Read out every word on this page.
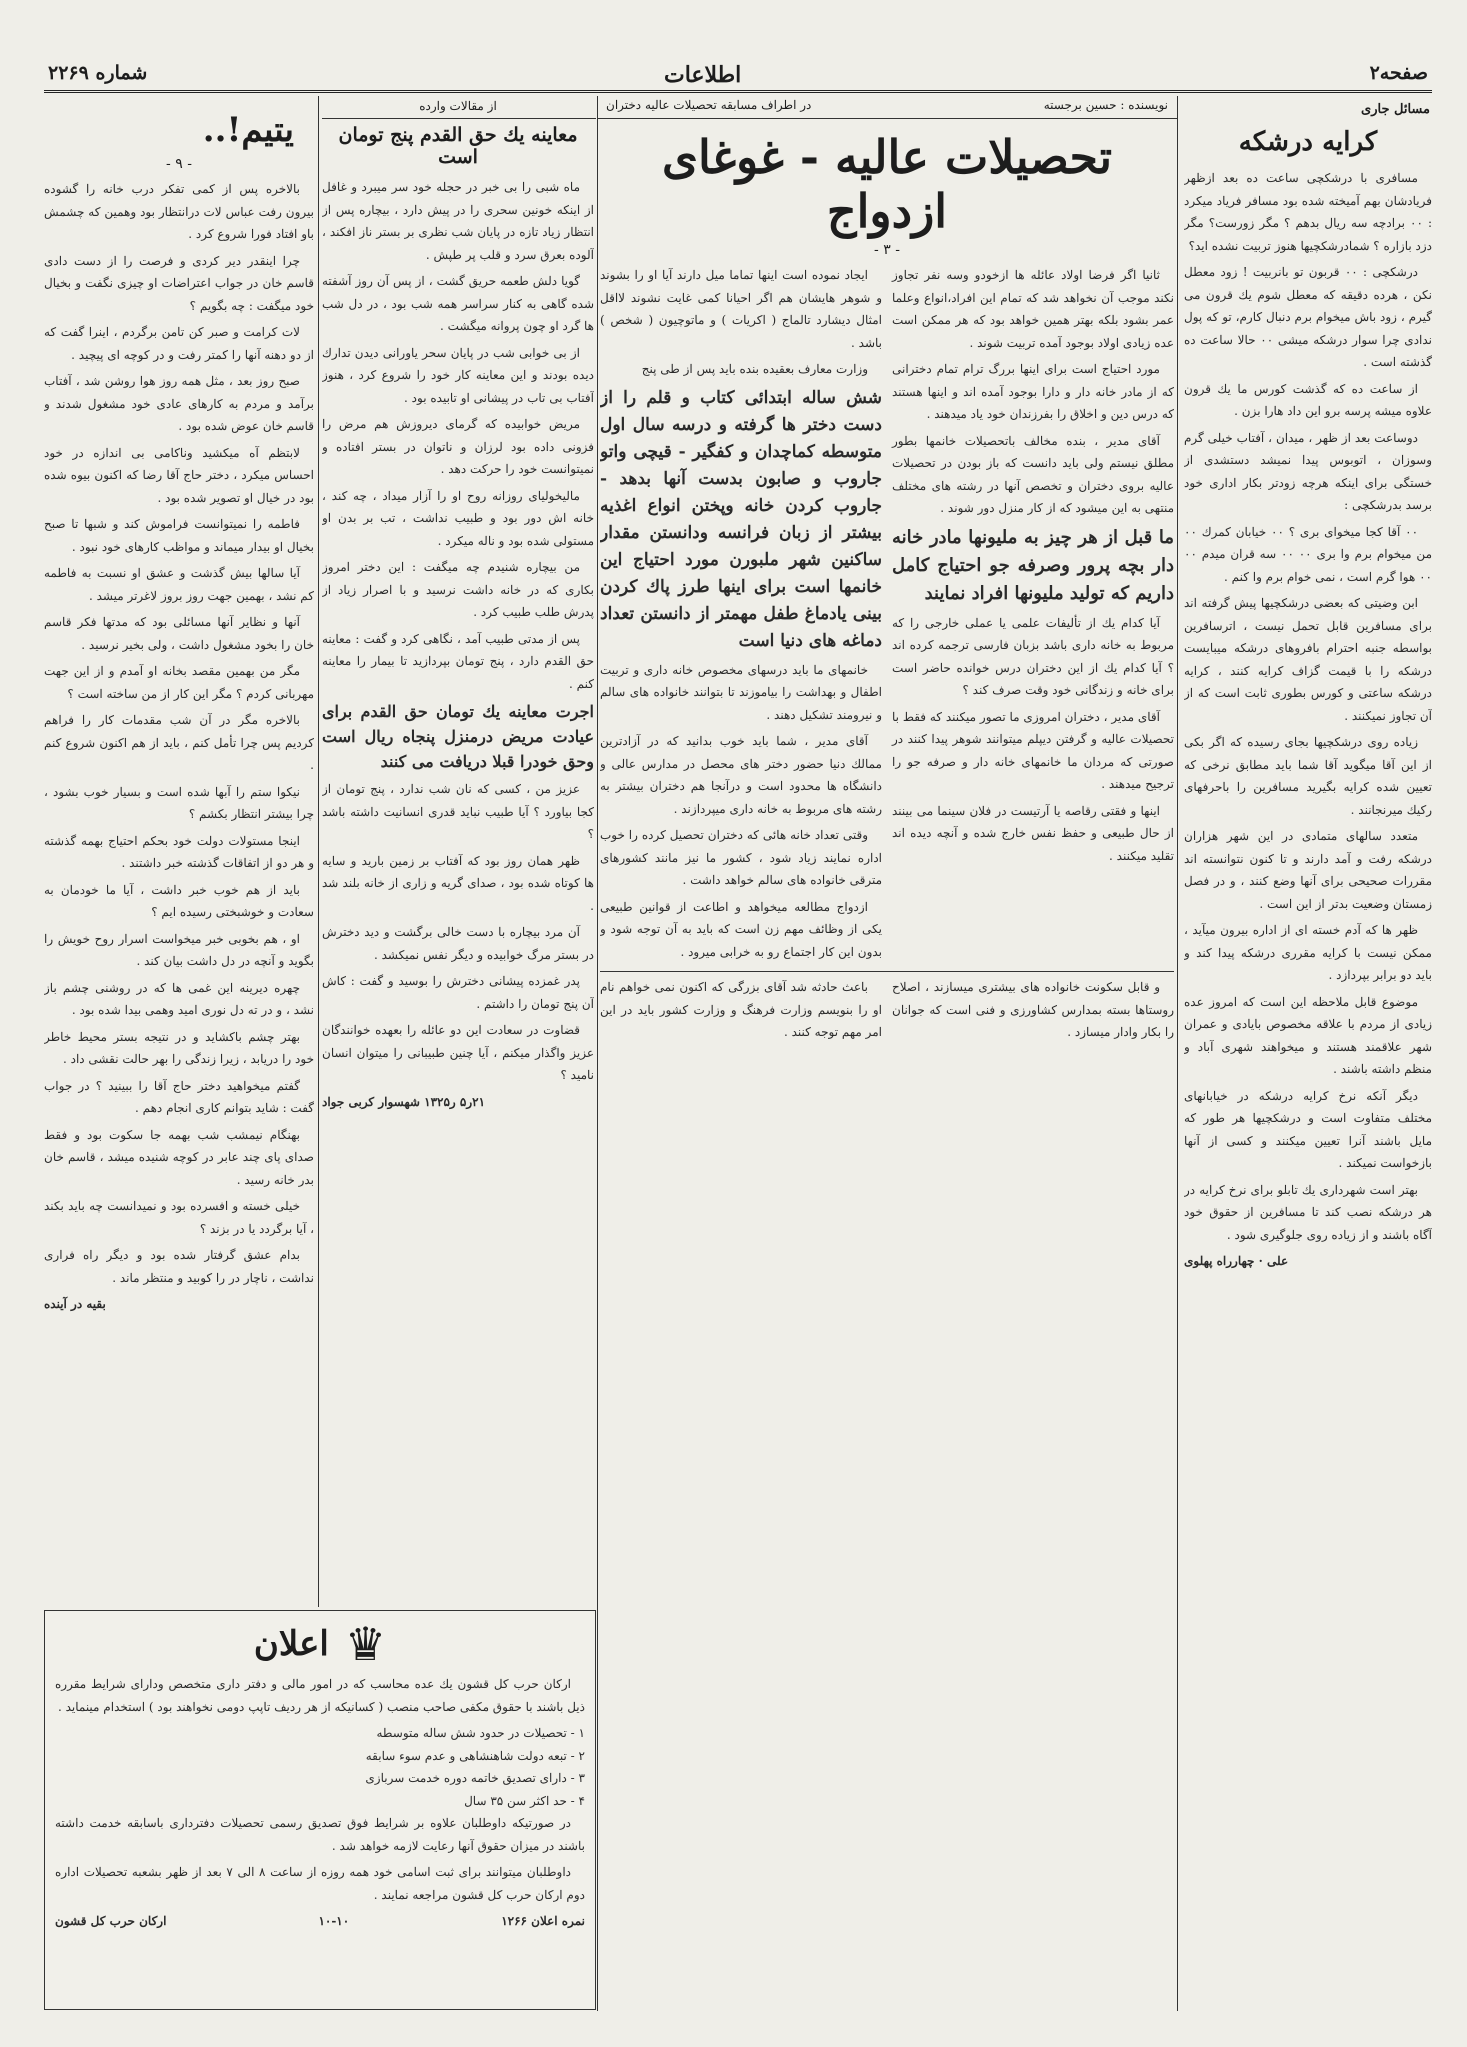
شماره ۲۲۶۹	اطلاعات	صفحه۲
مسائل جاری
کرایه درشکه

مسافری با درشکچی ساعت ده بعد ازظهر فریادشان بهم آمیخته شده بود مسافر فریاد میکرد : ۰۰ برادچه سه ریال بدهم ؟ مگر زورست؟ مگر دزد بازاره ؟ شمادرشکچیها هنوز تربیت نشده اید؟

درشکچی : ۰۰ قربون تو بانربیت ! زود معطل نکن ، هرده دقیقه که معطل شوم یك قرون می گیرم ، زود باش میخوام برم دنبال کارم، تو که پول ندادی چرا سوار درشکه میشی ۰۰ حالا ساعت ده گذشته است .

از ساعت ده که گذشت کورس ما یك قرون علاوه میشه پرسه برو این داد هارا بزن .

دوساعت بعد از ظهر ، میدان ، آفتاب خیلی گرم وسوزان ، اتوبوس پیدا نمیشد دستشدی از خستگی برای اینکه هرچه زودتر بکار اداری خود برسد بدرشکچی :

۰۰ آقا کجا میخوای بری ؟ ۰۰ خیابان کمرك ۰۰ من میخوام برم وا بری ۰۰ ۰۰ سه قران میدم ۰۰ ۰۰ هوا گرم است ، نمی خوام برم وا کنم .

ابن وضیتی که بعضی درشکچیها پیش گرفته اند برای مسافرین قابل تحمل نیست ، اترسافرین بواسطه جنبه احترام بافروهای درشکه میبایست درشکه را با قیمت گزاف کرایه کنند ، کرایه درشکه ساعتی و کورس بطوری ثابت است که از آن تجاوز نمیکنند .

زیاده روی درشکچیها بجای رسیده که اگر بکی از این آقا میگوید آقا شما باید مطابق نرخی که تعیین شده کرایه بگیرید مسافرین را باحرفهای رکیك میرنجانند .

متعدد سالهای متمادی در این شهر هزاران درشکه رفت و آمد دارند و تا کنون نتوانسته اند مقررات صحیحی برای آنها وضع کنند ، و در فصل زمستان وضعیت بدتر از این است .

ظهر ها که آدم خسته ای از اداره بیرون میآید ، ممکن نیست با کرایه مقرری درشکه پیدا کند و باید دو برابر بپردازد .

موضوع قابل ملاحظه این است که امروز عده زیادی از مردم با علاقه مخصوص بایادی و عمران شهر علاقمند هستند و میخواهند شهری آباد و منظم داشته باشند .

دیگر آنکه نرخ کرایه درشکه در خیابانهای مختلف متفاوت است و درشکچیها هر طور که مایل باشند آنرا تعیین میکنند و کسی از آنها بازخواست نمیکند .

بهتر است شهرداری یك تابلو برای نرخ کرایه در هر درشکه نصب کند تا مسافرین از حقوق خود آگاه باشند و از زیاده روی جلوگیری شود .

علی · چهارراه پهلوی

نویسنده : حسین برجسته
در اطراف مسابقه تحصیلات عالیه دختران
تحصیلات عالیه - غوغای ازدواج
- ۳ -

ثانیا اگر فرضا اولاد عائله ها ازخودو وسه نفر تجاوز نکند موجب آن نخواهد شد که تمام این افراد،انواع وعلما عمر بشود بلکه بهتر همین خواهد بود که هر ممکن است عده زیادی اولاد بوجود آمده تربیت شوند .

مورد احتیاج است برای اینها بررگ ترام تمام دخترانی که از مادر خانه دار و دارا بوجود آمده اند و اینها هستند که درس دین و اخلاق را بفرزندان خود یاد میدهند .

آقای مدیر ، بنده مخالف باتحصیلات خانمها بطور مطلق نیستم ولی باید دانست که باز بودن در تحصیلات عالیه بروی دختران و تخصص آنها در رشته های مختلف منتهی به این میشود که از کار منزل دور شوند .

ما قبل از هر چیز به ملیونها مادر خانه دار بچه پرور وصرفه جو احتیاج کامل داریم که تولید ملیونها افراد نمایند

آیا کدام یك از تألیفات علمی یا عملی خارجی را که مربوط به خانه داری باشد بزبان فارسی ترجمه کرده اند ؟ آیا کدام یك از این دختران درس خوانده حاضر است برای خانه و زندگانی خود وقت صرف کند ؟

آقای مدیر ، دختران امروزی ما تصور میکنند که فقط با تحصیلات عالیه و گرفتن دیپلم میتوانند شوهر پیدا کنند در صورتی که مردان ما خانمهای خانه دار و صرفه جو را ترجیح میدهند .

اینها و فقتی رقاصه یا آرتیست در فلان سینما می بینند از حال طبیعی و حفظ نفس خارج شده و آنچه دیده اند تقلید میکنند .

ایجاد نموده است اینها تماما میل دارند آیا او را بشوند و شوهر هایشان هم اگر احیانا کمی غایت نشوند لااقل امثال دیشارد تالماج ( اکریات ) و ماتوچیون ( شخص ) باشد .

وزارت معارف بعقیده بنده باید پس از طی پنج

شش ساله ابتدائی کتاب و قلم را از دست دختر ها گرفته و درسه سال اول متوسطه کماچدان و کفگیر - قیچی واتو جاروب و صابون بدست آنها بدهد - جاروب کردن خانه وپختن انواع اغذیه بیشتر از زبان فرانسه ودانستن مقدار ساکنین شهر ملبورن مورد احتیاج این خانمها است برای اینها طرز پاك کردن بینی یادماغ طفل مهمتر از دانستن تعداد دماغه های دنیا است

خانمهای ما باید درسهای مخصوص خانه داری و تربیت اطفال و بهداشت را بیاموزند تا بتوانند خانواده های سالم و نیرومند تشکیل دهند .

آقای مدیر ، شما باید خوب بدانید که در آزادترین ممالك دنیا حضور دختر های محصل در مدارس عالی و دانشگاه ها محدود است و درآنجا هم دختران بیشتر به رشته های مربوط به خانه داری میپردازند .

وقتی تعداد خانه هائی که دختران تحصیل کرده را خوب اداره نمایند زیاد شود ، کشور ما نیز مانند کشورهای مترقی خانواده های سالم خواهد داشت .

ازدواج مطالعه میخواهد و اطاعت از قوانین طبیعی یکی از وظائف مهم زن است که باید به آن توجه شود و بدون این کار اجتماع رو به خرابی میرود .

و قابل سکونت خانواده های بیشتری میسازند ، اصلاح روستاها بسته بمدارس کشاورزی و فنی است که جوانان را بکار وادار میسازد .

باعث حادثه شد آقای بزرگی که اکنون نمی خواهم نام او را بنویسم وزارت فرهنگ و وزارت کشور باید در این امر مهم توجه کنند .

از مقالات وارده
معاینه یك حق القدم پنج تومان است

ماه شبی را بی خبر در حجله خود سر میبرد و غافل از اینکه خونین سحری را در پیش دارد ، بیچاره پس از انتظار زیاد تازه در پایان شب نظری بر بستر ناز افکند ، آلوده بعرق سرد و قلب پر طپش .

گویا دلش طعمه حریق گشت ، از پس آن روز آشفته شده گاهی به کنار سراسر همه شب بود ، در دل شب ها گرد او چون پروانه میگشت .

از بی خوابی شب در پایان سحر یاورانی دیدن تدارك دیده بودند و این معاینه کار خود را شروع کرد ، هنوز آفتاب بی تاب در پیشانی او تابیده بود .

مریض خوابیده که گرمای دیروزش هم مرض را فزونی داده بود لرزان و ناتوان در بستر افتاده و نمیتوانست خود را حرکت دهد .

مالیخولیای روزانه روح او را آزار میداد ، چه کند ، خانه اش دور بود و طبیب نداشت ، تب بر بدن او مستولی شده بود و ناله میکرد .

من بیچاره شنیدم چه میگفت : این دختر امروز بکاری که در خانه داشت نرسید و با اصرار زیاد از پدرش طلب طبیب کرد .

پس از مدتی طبیب آمد ، نگاهی کرد و گفت : معاینه حق القدم دارد ، پنج تومان بپردازید تا بیمار را معاینه کنم .

اجرت معاینه یك تومان حق القدم برای عیادت مریض درمنزل پنجاه ریال است وحق خودرا قبلا دریافت می کنند

عزیز من ، کسی که نان شب ندارد ، پنج تومان از کجا بیاورد ؟ آیا طبیب نباید قدری انسانیت داشته باشد ؟

ظهر همان روز بود که آفتاب بر زمین بارید و سایه ها کوتاه شده بود ، صدای گریه و زاری از خانه بلند شد .

آن مرد بیچاره با دست خالی برگشت و دید دخترش در بستر مرگ خوابیده و دیگر نفس نمیکشد .

پدر غمزده پیشانی دخترش را بوسید و گفت : کاش آن پنج تومان را داشتم .

قضاوت در سعادت این دو عائله را بعهده خوانندگان عزیز واگذار میکنم ، آیا چنین طبیبانی را میتوان انسان نامید ؟

۲۱ر۵ ر۱۳۲۵ شهسوار کربی جواد

یتیم!..
- ۹ -

بالاخره پس از کمی تفکر درب خانه را گشوده بیرون رفت عباس لات درانتظار بود وهمین که چشمش باو افتاد فورا شروع کرد .

چرا اینقدر دیر کردی و فرصت را از دست دادی قاسم خان در جواب اعتراضات او چیزی نگفت و بخیال خود میگفت : چه بگویم ؟

لات کرامت و صبر کن تامن برگردم ، اینرا گفت که از دو دهنه آنها را کمتر رفت و در کوچه ای پیچید .

صبح روز بعد ، مثل همه روز هوا روشن شد ، آفتاب برآمد و مردم به کارهای عادی خود مشغول شدند و قاسم خان عوض شده بود .

لابتظم آه میکشید وناکامی بی اندازه در خود احساس میکرد ، دختر حاج آقا رضا که اکنون بیوه شده بود در خیال او تصویر شده بود .

فاطمه را نمیتوانست فراموش کند و شبها تا صبح بخیال او بیدار میماند و مواظب کارهای خود نبود .

آیا سالها بیش گذشت و عشق او نسبت به فاطمه کم نشد ، بهمین جهت روز بروز لاغرتر میشد .

آنها و نظایر آنها مسائلی بود که مدتها فکر قاسم خان را بخود مشغول داشت ، ولی بخیر نرسید .

مگر من بهمین مقصد بخانه او آمدم و از این جهت مهربانی کردم ؟ مگر این کار از من ساخته است ؟

بالاخره مگر در آن شب مقدمات کار را فراهم کردیم پس چرا تأمل کنم ، باید از هم اکنون شروع کنم .

نیکوا ستم را آبها شده است و بسیار خوب بشود ، چرا بیشتر انتظار بکشم ؟

اینجا مستولات دولت خود بحکم احتیاج بهمه گذشته و هر دو از اتفاقات گذشته خبر داشتند .

باید از هم خوب خبر داشت ، آیا ما خودمان به سعادت و خوشبختی رسیده ایم ؟

او ، هم بخوبی خبر میخواست اسرار روح خویش را بگوید و آنچه در دل داشت بیان کند .

چهره دیرینه این غمی ها که در روشنی چشم باز نشد ، و در ته دل نوری امید وهمی بیدا شده بود .

بهتر چشم باکشاید و در نتیجه بستر محیط خاطر خود را دریابد ، زیرا زندگی را بهر حالت نقشی داد .

گفتم میخواهید دختر حاج آقا را ببینید ؟ در جواب گفت : شاید بتوانم کاری انجام دهم .

بهنگام نیمشب شب بهمه جا سکوت بود و فقط صدای پای چند عابر در کوچه شنیده میشد ، قاسم خان بدر خانه رسید .

خیلی خسته و افسرده بود و نمیدانست چه باید بکند ، آیا برگردد یا در بزند ؟

بدام عشق گرفتار شده بود و دیگر راه فراری نداشت ، ناچار در را کوبید و منتظر ماند .

بقیه در آینده

اعلان ♛

ارکان حرب کل قشون یك عده محاسب که در امور مالی و دفتر داری متخصص ودارای شرایط مقرره ذیل باشند با حقوق مکفی صاحب منصب ( کسانیکه از هر ردیف تاپپ دومی نخواهند بود ) استخدام مینماید .

۱ - تحصیلات در حدود شش ساله متوسطه
۲ - تبعه دولت شاهنشاهی و عدم سوء سابقه
۳ - دارای تصدیق خاتمه دوره خدمت سربازی
۴ - حد اکثر سن ۳۵ سال

در صورتیکه داوطلبان علاوه بر شرایط فوق تصدیق رسمی تحصیلات دفترداری باسابقه خدمت داشته باشند در میزان حقوق آنها رعایت لازمه خواهد شد .

داوطلبان میتوانند برای ثبت اسامی خود همه روزه از ساعت ۸ الی ۷ بعد از ظهر بشعبه تحصیلات اداره دوم ارکان حرب کل قشون مراجعه نمایند .

نمره اعلان ۱۲۶۶
۱۰-۱۰
ارکان حرب کل قشون
